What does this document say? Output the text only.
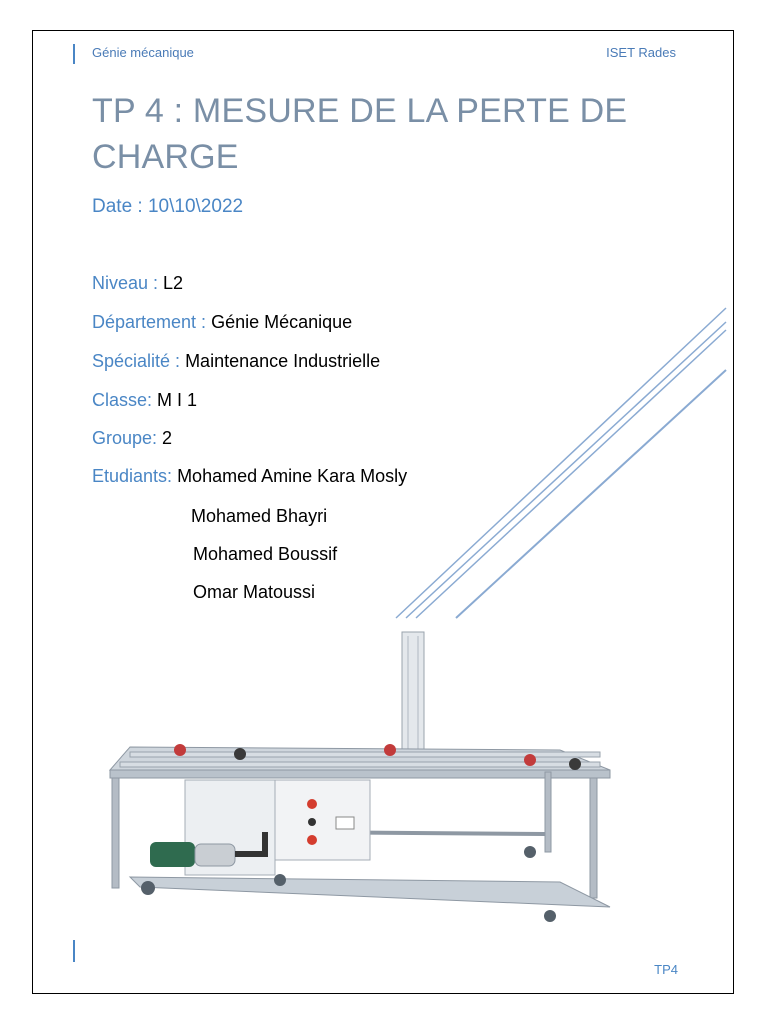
Génie mécanique	ISET Rades
TP 4 : MESURE DE LA PERTE DE CHARGE
Date : 10\10\2022
Niveau : L2
Département : Génie Mécanique
Spécialité : Maintenance Industrielle
Classe: M I 1
Groupe: 2
Etudiants: Mohamed Amine Kara Mosly
Mohamed Bhayri
Mohamed Boussif
Omar Matoussi
TP4
